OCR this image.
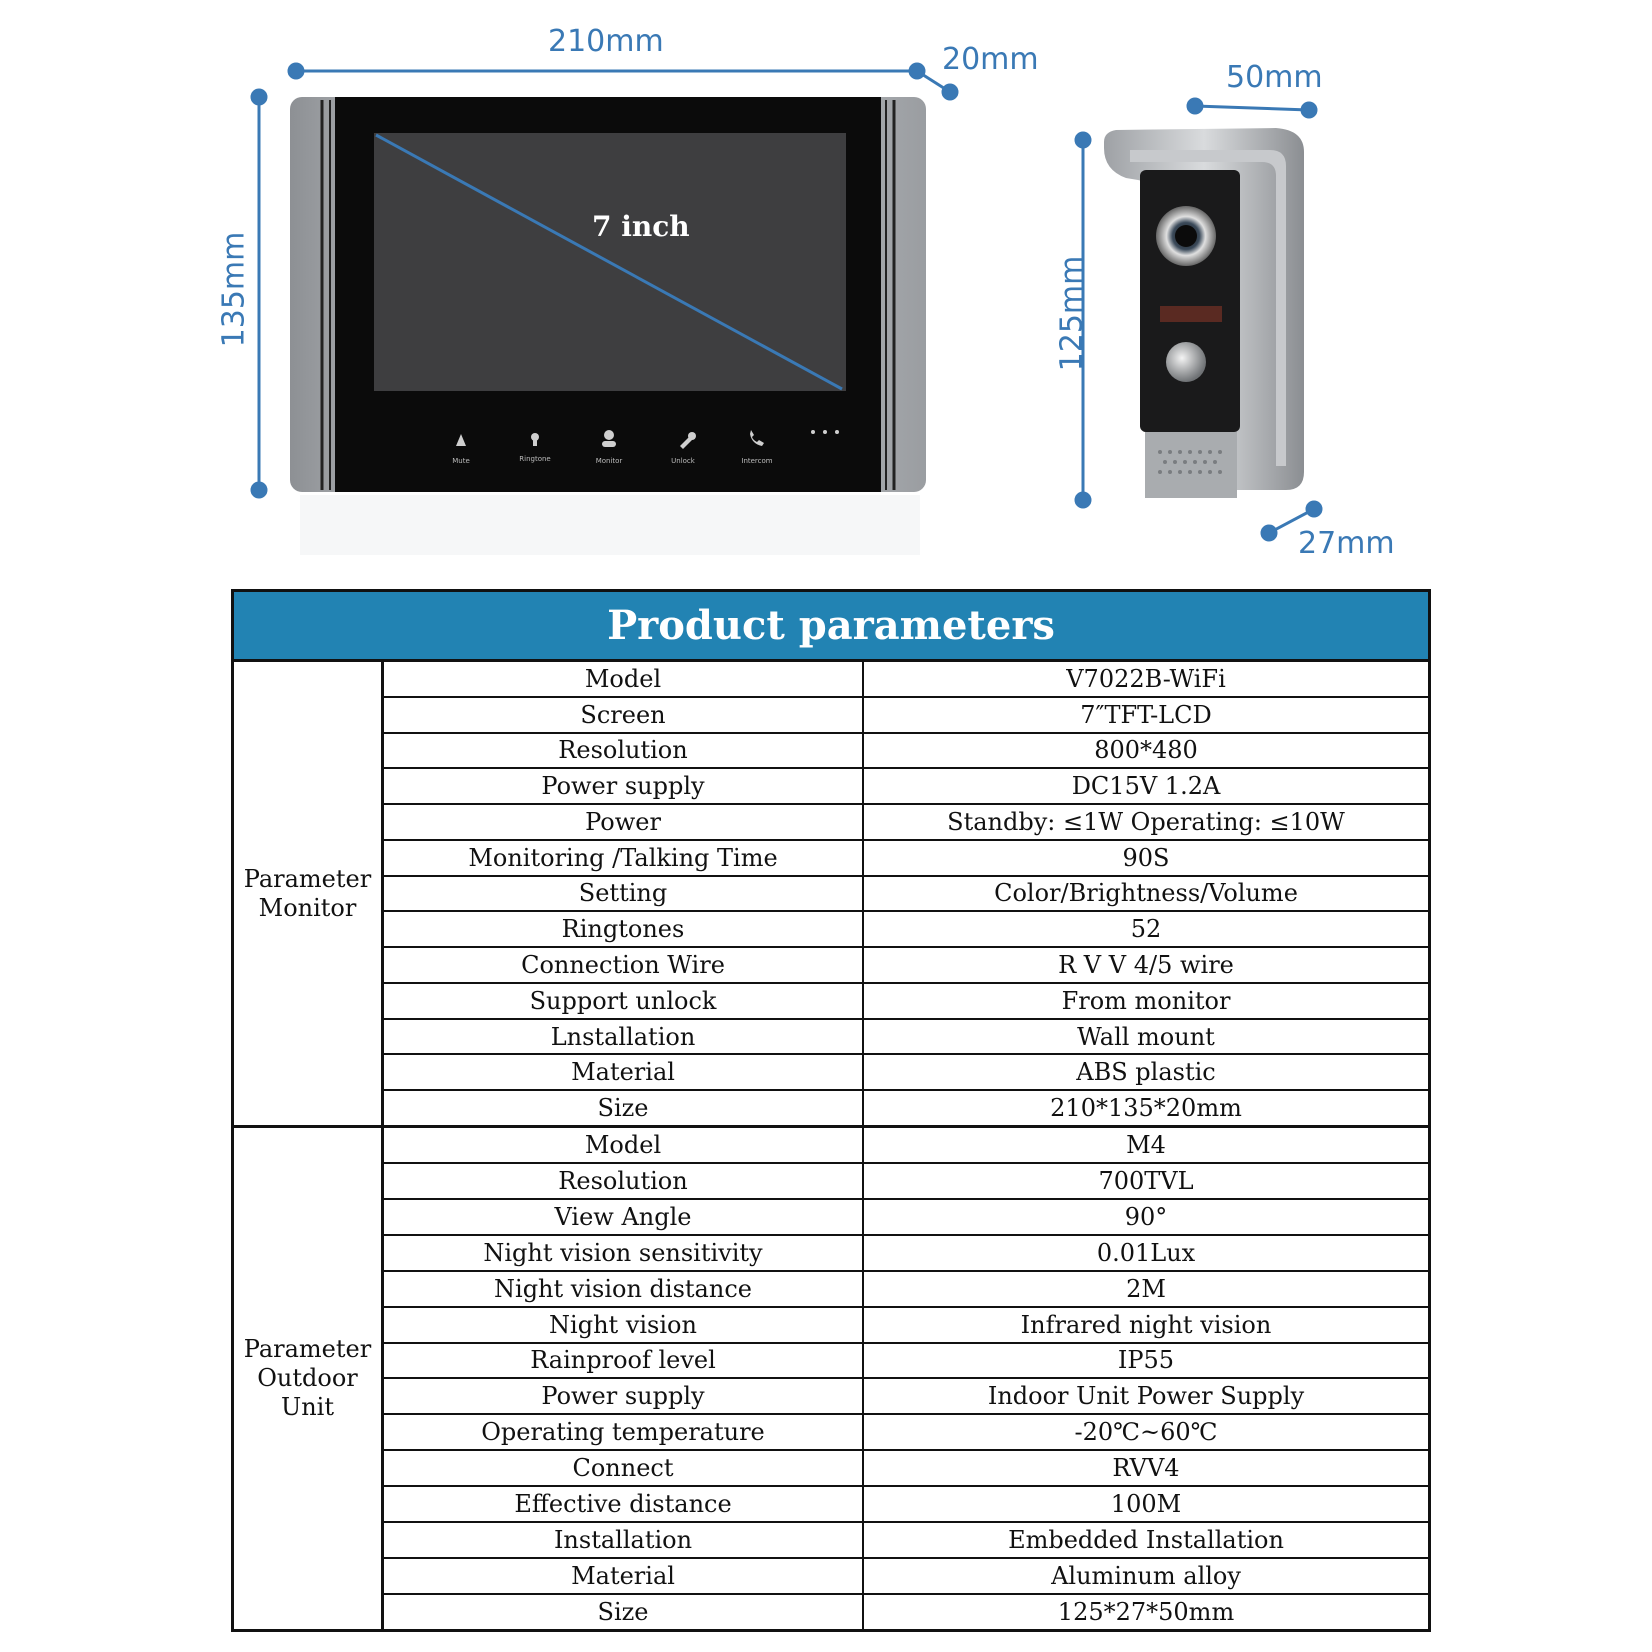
210mm
20mm
135mm
7 inch
50mm
125mm
27mm
Mute	Ringtone	Monitor	Unlock	Intercom
Product parameters
Parameter
Monitor
Model	V7022B-WiFi
Screen	7″TFT-LCD
Resolution	800*480
Power supply	DC15V 1.2A
Power	Standby: ≤1W Operating: ≤10W
Monitoring /Talking Time	90S
Setting	Color/Brightness/Volume
Ringtones	52
Connection Wire	R V V 4/5 wire
Support unlock	From monitor
Lnstallation	Wall mount
Material	ABS plastic
Size	210*135*20mm
Parameter
Outdoor
Unit
Model	M4
Resolution	700TVL
View Angle	90°
Night vision sensitivity	0.01Lux
Night vision distance	2M
Night vision	Infrared night vision
Rainproof level	IP55
Power supply	Indoor Unit Power Supply
Operating temperature	-20℃~60℃
Connect	RVV4
Effective distance	100M
Installation	Embedded Installation
Material	Aluminum alloy
Size	125*27*50mm
